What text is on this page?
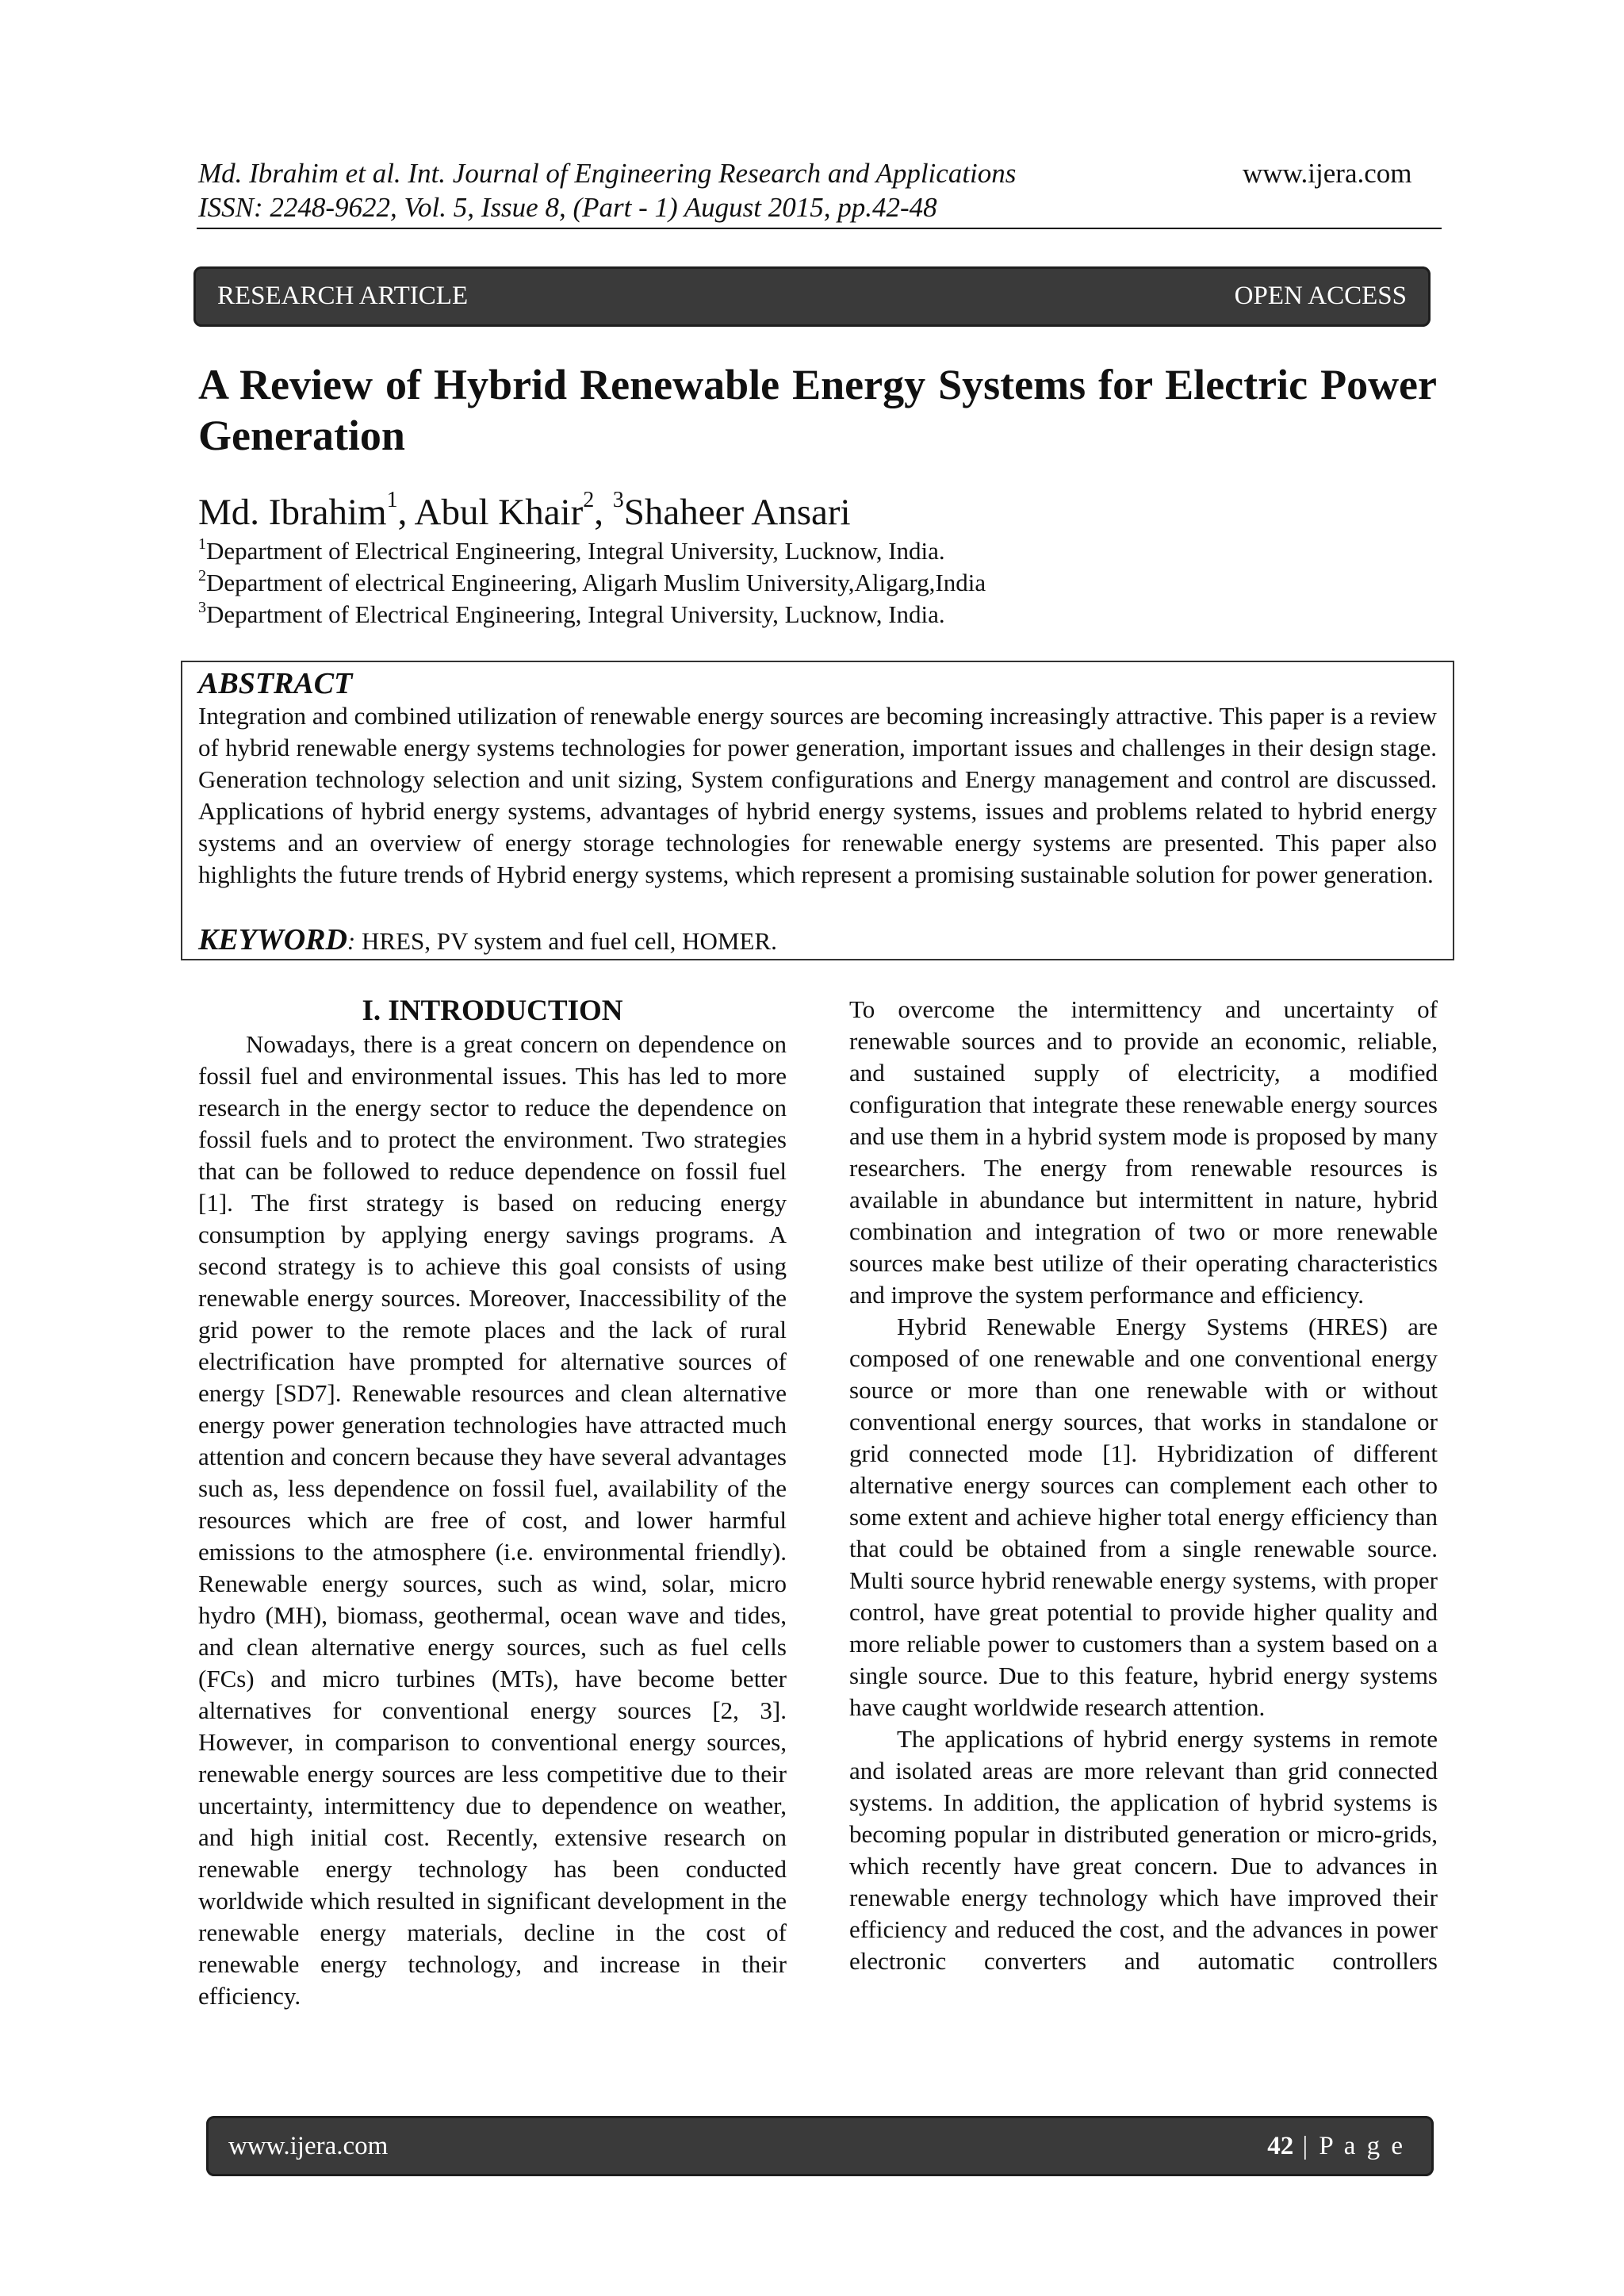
Md. Ibrahim et al. Int. Journal of Engineering Research and Applications
ISSN: 2248-9622, Vol. 5, Issue 8, (Part - 1) August 2015, pp.42-48
www.ijera.com
RESEARCH ARTICLE	OPEN ACCESS
A Review of Hybrid Renewable Energy Systems for Electric Power Generation
Md. Ibrahim$^1$, Abul Khair$^2$, $^3$Shaheer Ansari
$^1$Department of Electrical Engineering, Integral University, Lucknow, India.
$^2$Department of electrical Engineering, Aligarh Muslim University,Aligarg,India
$^3$Department of Electrical Engineering, Integral University, Lucknow, India.
ABSTRACT
Integration and combined utilization of renewable energy sources are becoming increasingly attractive. This paper is a review of hybrid renewable energy systems technologies for power generation, important issues and challenges in their design stage. Generation technology selection and unit sizing, System configurations and Energy management and control are discussed. Applications of hybrid energy systems, advantages of hybrid energy systems, issues and problems related to hybrid energy systems and an overview of energy storage technologies for renewable energy systems are presented. This paper also highlights the future trends of Hybrid energy systems, which represent a promising sustainable solution for power generation.
KEYWORD: HRES, PV system and fuel cell, HOMER.
I. INTRODUCTION

Nowadays, there is a great concern on dependence on fossil fuel and environmental issues. This has led to more research in the energy sector to reduce the dependence on fossil fuels and to protect the environment. Two strategies that can be followed to reduce dependence on fossil fuel [1]. The first strategy is based on reducing energy consumption by applying energy savings programs. A second strategy is to achieve this goal consists of using renewable energy sources. Moreover, Inaccessibility of the grid power to the remote places and the lack of rural electrification have prompted for alternative sources of energy [SD7]. Renewable resources and clean alternative energy power generation technologies have attracted much attention and concern because they have several advantages such as, less dependence on fossil fuel, availability of the resources which are free of cost, and lower harmful emissions to the atmosphere (i.e. environmental friendly). Renewable energy sources, such as wind, solar, micro hydro (MH), biomass, geothermal, ocean wave and tides, and clean alternative energy sources, such as fuel cells (FCs) and micro turbines (MTs), have become better alternatives for conventional energy sources [2, 3]. However, in comparison to conventional energy sources, renewable energy sources are less competitive due to their uncertainty, intermittency due to dependence on weather, and high initial cost. Recently, extensive research on renewable energy technology has been conducted worldwide which resulted in significant development in the renewable energy materials, decline in the cost of renewable energy technology, and increase in their efficiency.

To overcome the intermittency and uncertainty of renewable sources and to provide an economic, reliable, and sustained supply of electricity, a modified configuration that integrate these renewable energy sources and use them in a hybrid system mode is proposed by many researchers. The energy from renewable resources is available in abundance but intermittent in nature, hybrid combination and integration of two or more renewable sources make best utilize of their operating characteristics and improve the system performance and efficiency.

Hybrid Renewable Energy Systems (HRES) are composed of one renewable and one conventional energy source or more than one renewable with or without conventional energy sources, that works in standalone or grid connected mode [1]. Hybridization of different alternative energy sources can complement each other to some extent and achieve higher total energy efficiency than that could be obtained from a single renewable source. Multi source hybrid renewable energy systems, with proper control, have great potential to provide higher quality and more reliable power to customers than a system based on a single source. Due to this feature, hybrid energy systems have caught worldwide research attention.

The applications of hybrid energy systems in remote and isolated areas are more relevant than grid connected systems. In addition, the application of hybrid systems is becoming popular in distributed generation or micro-grids, which recently have great concern. Due to advances in renewable energy technology which have improved their efficiency and reduced the cost, and the advances in power electronic converters and automatic controllers

www.ijera.com	42 | P a g e
